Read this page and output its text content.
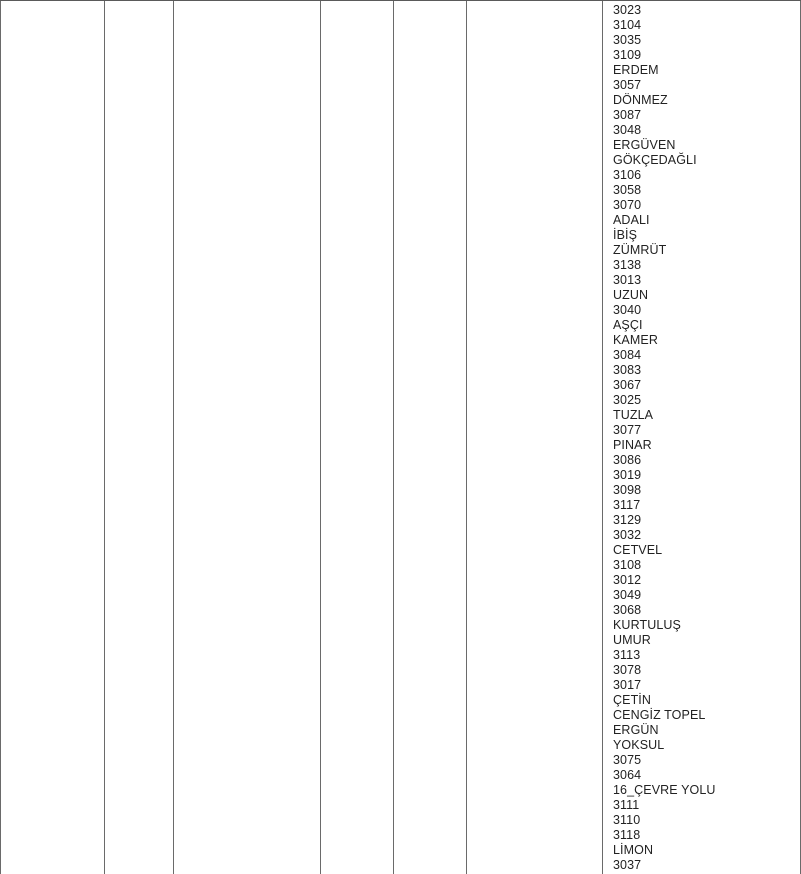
3023
3104
3035
3109
ERDEM
3057
DÖNMEZ
3087
3048
ERGÜVEN
GÖKÇEDAĞLI
3106
3058
3070
ADALI
İBİŞ
ZÜMRÜT
3138
3013
UZUN
3040
AŞÇI
KAMER
3084
3083
3067
3025
TUZLA
3077
PINAR
3086
3019
3098
3117
3129
3032
CETVEL
3108
3012
3049
3068
KURTULUŞ
UMUR
3113
3078
3017
ÇETİN
CENGİZ TOPEL
ERGÜN
YOKSUL
3075
3064
16_ÇEVRE YOLU
3111
3110
3118
LİMON
3037
